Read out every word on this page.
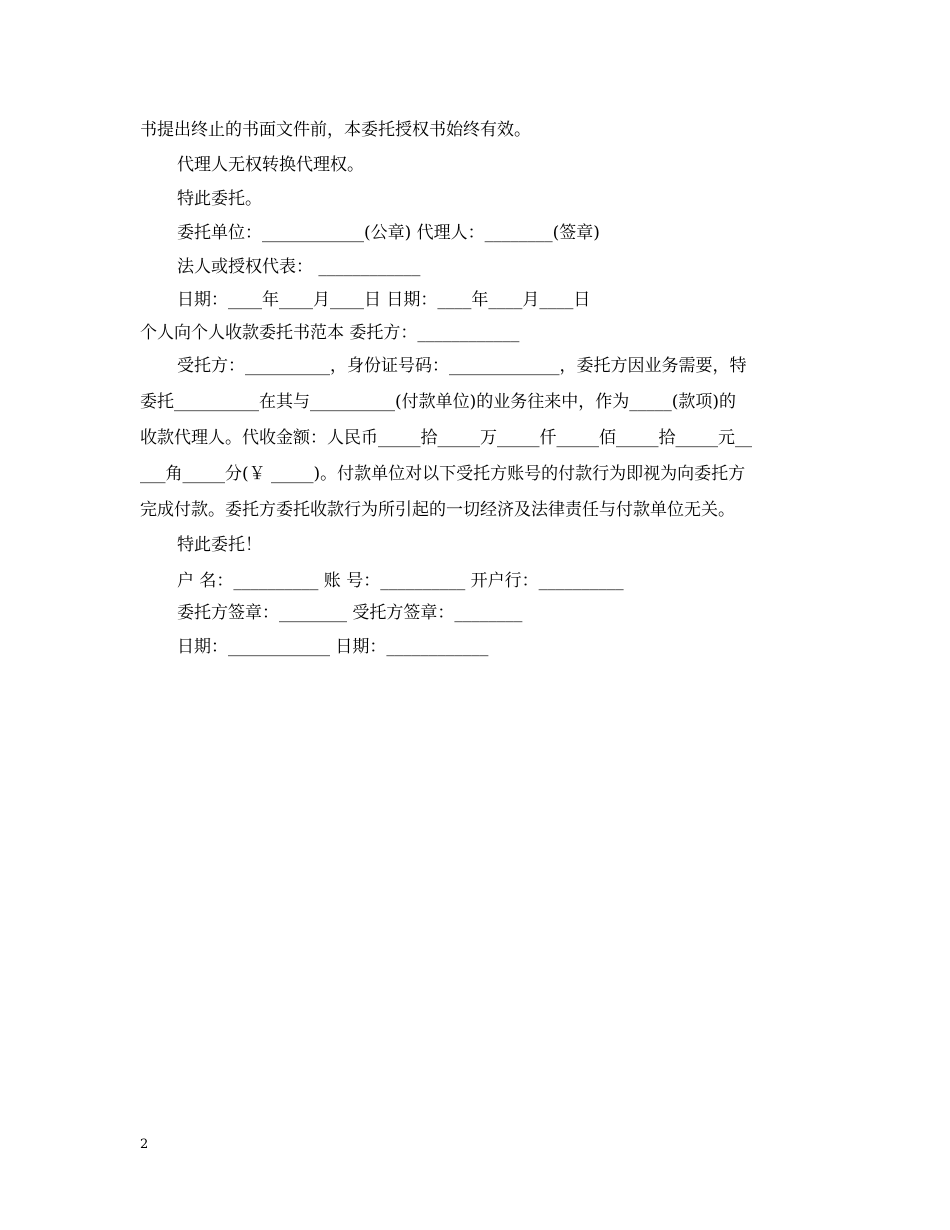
书提出终止的书面文件前，本委托授权书始终有效。
代理人无权转换代理权。
特此委托。
委托单位：____________(公章) 代理人：________(签章)
法人或授权代表： ____________
日期：____年____月____日 日期：____年____月____日
个人向个人收款委托书范本 委托方：____________
受托方：__________，身份证号码：_____________，委托方因业务需要，特
委托__________在其与__________(付款单位)的业务往来中，作为_____(款项)的
收款代理人。代收金额：人民币_____拾_____万_____仟_____佰_____拾_____元__
___角_____分(￥ _____)。付款单位对以下受托方账号的付款行为即视为向委托方
完成付款。委托方委托收款行为所引起的一切经济及法律责任与付款单位无关。
特此委托！
户 名：__________ 账 号：__________ 开户行：__________
委托方签章：________ 受托方签章：________
日期：____________ 日期：____________
2
